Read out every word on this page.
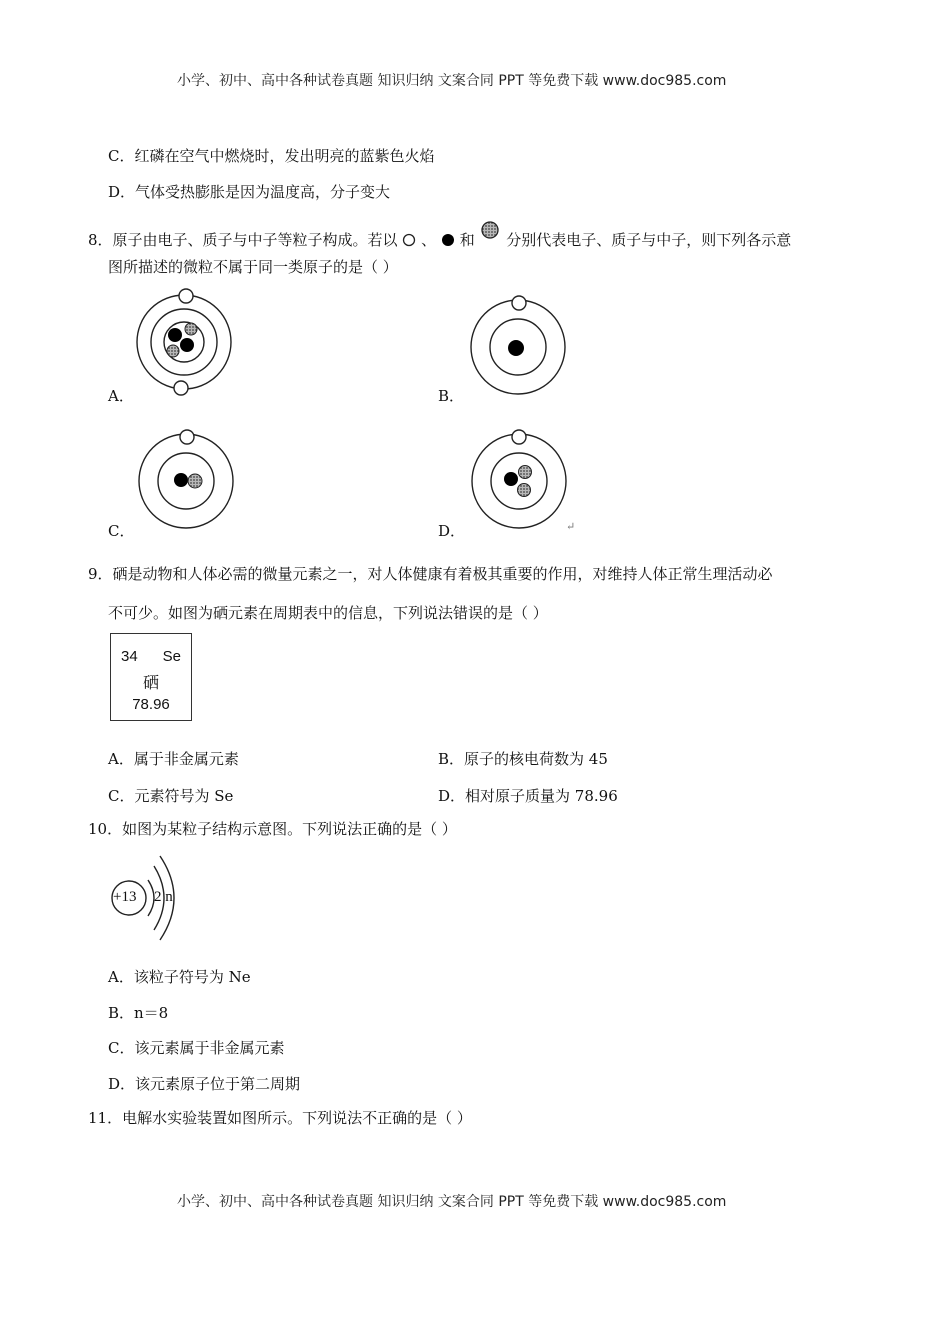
小学、初中、高中各种试卷真题 知识归纳 文案合同 PPT 等免费下载 www.doc985.com
C．红磷在空气中燃烧时，发出明亮的蓝紫色火焰
D．气体受热膨胀是因为温度高，分子变大
8．原子由电子、质子与中子等粒子构成。若以 、 和 分别代表电子、质子与中子，则下列各示意
图所描述的微粒不属于同一类原子的是（ ）
A．	B．
C．	D．	↵
9．硒是动物和人体必需的微量元素之一，对人体健康有着极其重要的作用，对维持人体正常生理活动必
不可少。如图为硒元素在周期表中的信息，下列说法错误的是（ ）
34 Se
硒
78.96
A．属于非金属元素	B．原子的核电荷数为 45
C．元素符号为 Se	D．相对原子质量为 78.96
10．如图为某粒子结构示意图。下列说法正确的是（ ）
+13 2 n
A．该粒子符号为 Ne
B．n＝8
C．该元素属于非金属元素
D．该元素原子位于第二周期
11．电解水实验装置如图所示。下列说法不正确的是（ ）
小学、初中、高中各种试卷真题 知识归纳 文案合同 PPT 等免费下载 www.doc985.com
